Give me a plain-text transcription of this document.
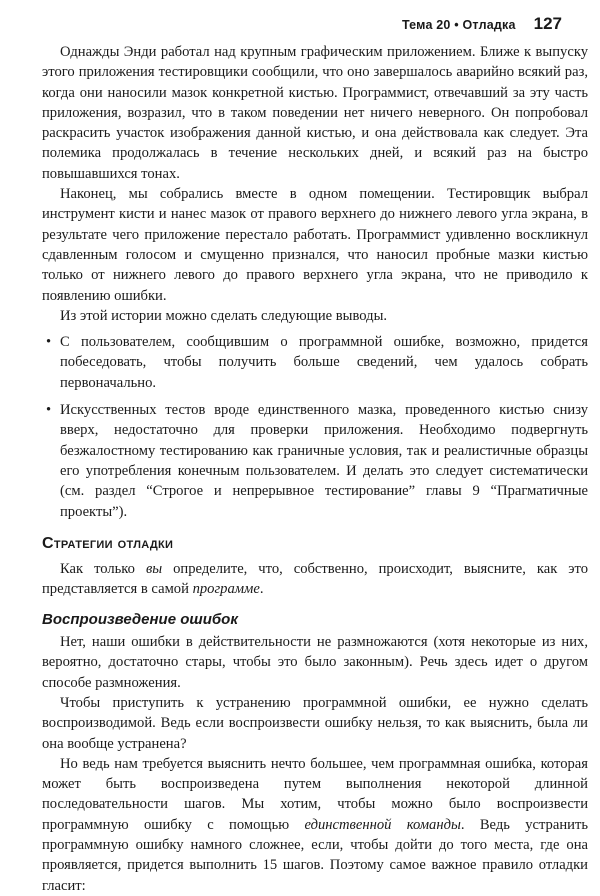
Тема 20 • Отладка 127

Однажды Энди работал над крупным графическим приложением. Ближе к выпуску этого приложения тестировщики сообщили, что оно завершалось аварийно всякий раз, когда они наносили мазок конкретной кистью. Программист, отвечавший за эту часть приложения, возразил, что в таком поведении нет ничего неверного. Он попробовал раскрасить участок изображения данной кистью, и она действовала как следует. Эта полемика продолжалась в течение нескольких дней, и всякий раз на быстро повышавшихся тонах.

Наконец, мы собрались вместе в одном помещении. Тестировщик выбрал инструмент кисти и нанес мазок от правого верхнего до нижнего левого угла экрана, в результате чего приложение перестало работать. Программист удивленно воскликнул сдавленным голосом и смущенно признался, что наносил пробные мазки кистью только от нижнего левого до правого верхнего угла экрана, что не приводило к появлению ошибки.

Из этой истории можно сделать следующие выводы.

• С пользователем, сообщившим о программной ошибке, возможно, придется побеседовать, чтобы получить больше сведений, чем удалось собрать первоначально.
• Искусственных тестов вроде единственного мазка, проведенного кистью снизу вверх, недостаточно для проверки приложения. Необходимо подвергнуть безжалостному тестированию как граничные условия, так и реалистичные образцы его употребления конечным пользователем. И делать это следует систематически (см. раздел “Строгое и непрерывное тестирование” главы 9 “Прагматичные проекты”).
Стратегии отладки

Как только вы определите, что, собственно, происходит, выясните, как это представляется в самой программе.

Воспроизведение ошибок

Нет, наши ошибки в действительности не размножаются (хотя некоторые из них, вероятно, достаточно стары, чтобы это было законным). Речь здесь идет о другом способе размножения.

Чтобы приступить к устранению программной ошибки, ее нужно сделать воспроизводимой. Ведь если воспроизвести ошибку нельзя, то как выяснить, была ли она вообще устранена?

Но ведь нам требуется выяснить нечто большее, чем программная ошибка, которая может быть воспроизведена путем выполнения некоторой длинной последовательности шагов. Мы хотим, чтобы можно было воспроизвести программную ошибку с помощью единственной команды. Ведь устранить программную ошибку намного сложнее, если, чтобы дойти до того места, где она проявляется, придется выполнить 15 шагов. Поэтому самое важное правило отладки гласит:
